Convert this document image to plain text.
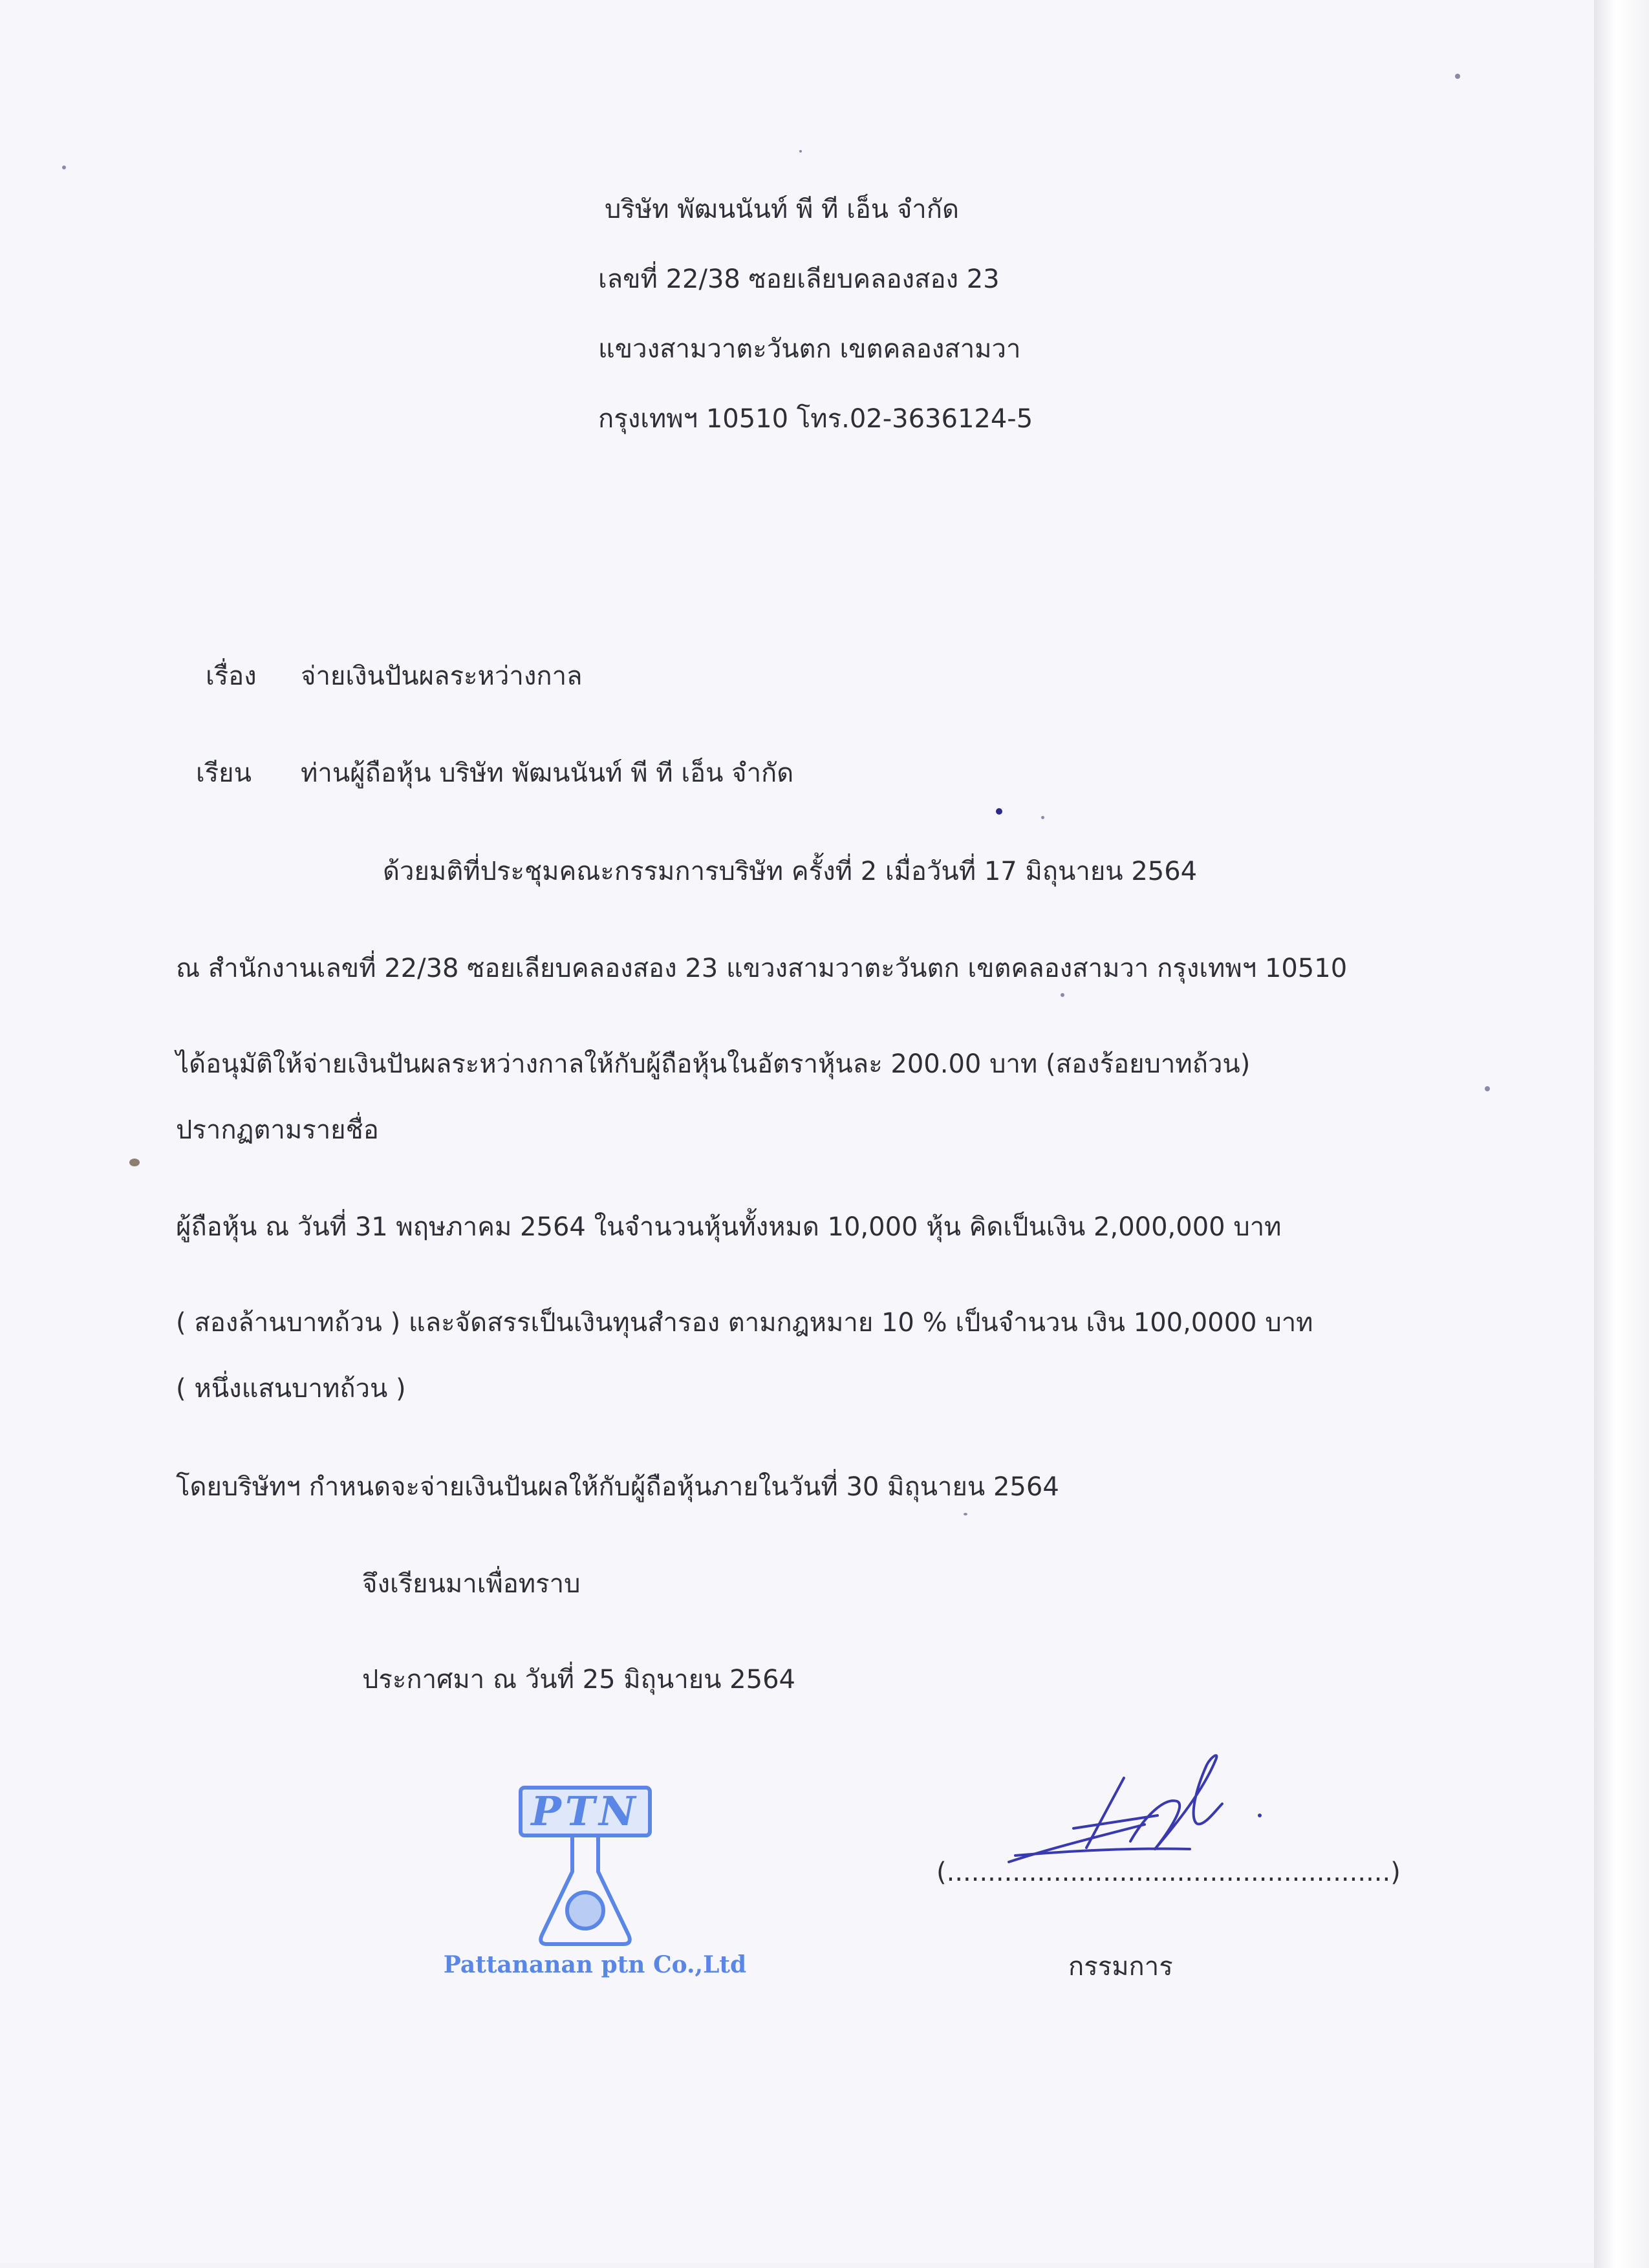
บริษัท พัฒนนันท์ พี ที เอ็น จำกัด
เลขที่ 22/38 ซอยเลียบคลองสอง 23
แขวงสามวาตะวันตก เขตคลองสามวา
กรุงเทพฯ 10510 โทร.02-3636124-5
เรื่อง จ่ายเงินปันผลระหว่างกาล
เรียน ท่านผู้ถือหุ้น บริษัท พัฒนนันท์ พี ที เอ็น จำกัด
ด้วยมติที่ประชุมคณะกรรมการบริษัท ครั้งที่ 2 เมื่อวันที่ 17 มิถุนายน 2564
ณ สำนักงานเลขที่ 22/38 ซอยเลียบคลองสอง 23 แขวงสามวาตะวันตก เขตคลองสามวา กรุงเทพฯ 10510
ได้อนุมัติให้จ่ายเงินปันผลระหว่างกาลให้กับผู้ถือหุ้นในอัตราหุ้นละ 200.00 บาท (สองร้อยบาทถ้วน)
ปรากฏตามรายชื่อ
ผู้ถือหุ้น ณ วันที่ 31 พฤษภาคม 2564 ในจำนวนหุ้นทั้งหมด 10,000 หุ้น คิดเป็นเงิน 2,000,000 บาท
( สองล้านบาทถ้วน ) และจัดสรรเป็นเงินทุนสำรอง ตามกฎหมาย 10 % เป็นจำนวน เงิน 100,0000 บาท
( หนึ่งแสนบาทถ้วน )
โดยบริษัทฯ กำหนดจะจ่ายเงินปันผลให้กับผู้ถือหุ้นภายในวันที่ 30 มิถุนายน 2564
จึงเรียนมาเพื่อทราบ
ประกาศมา ณ วันที่ 25 มิถุนายน 2564
PTN
Pattananan ptn Co.,Ltd
(......................................................)
กรรมการ
